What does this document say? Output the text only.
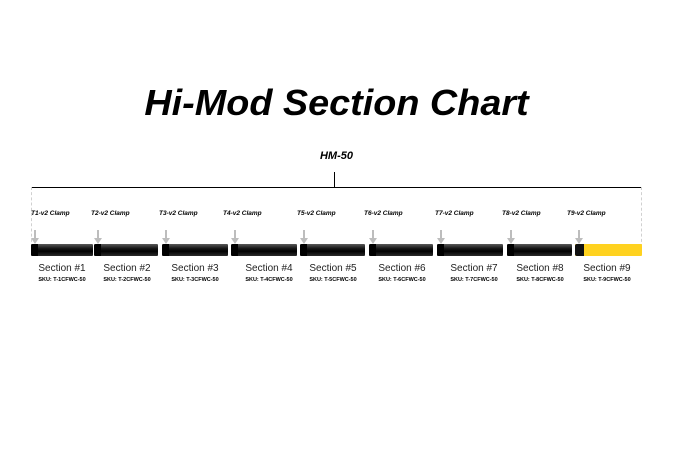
Hi-Mod Section Chart
HM-50
T1-v2 Clamp
Section #1
SKU: T-1CFWC-50
T2-v2 Clamp
Section #2
SKU: T-2CFWC-50
T3-v2 Clamp
Section #3
SKU: T-3CFWC-50
T4-v2 Clamp
Section #4
SKU: T-4CFWC-50
T5-v2 Clamp
Section #5
SKU: T-5CFWC-50
T6-v2 Clamp
Section #6
SKU: T-6CFWC-50
T7-v2 Clamp
Section #7
SKU: T-7CFWC-50
T8-v2 Clamp
Section #8
SKU: T-8CFWC-50
T9-v2 Clamp
Section #9
SKU: T-9CFWC-50
